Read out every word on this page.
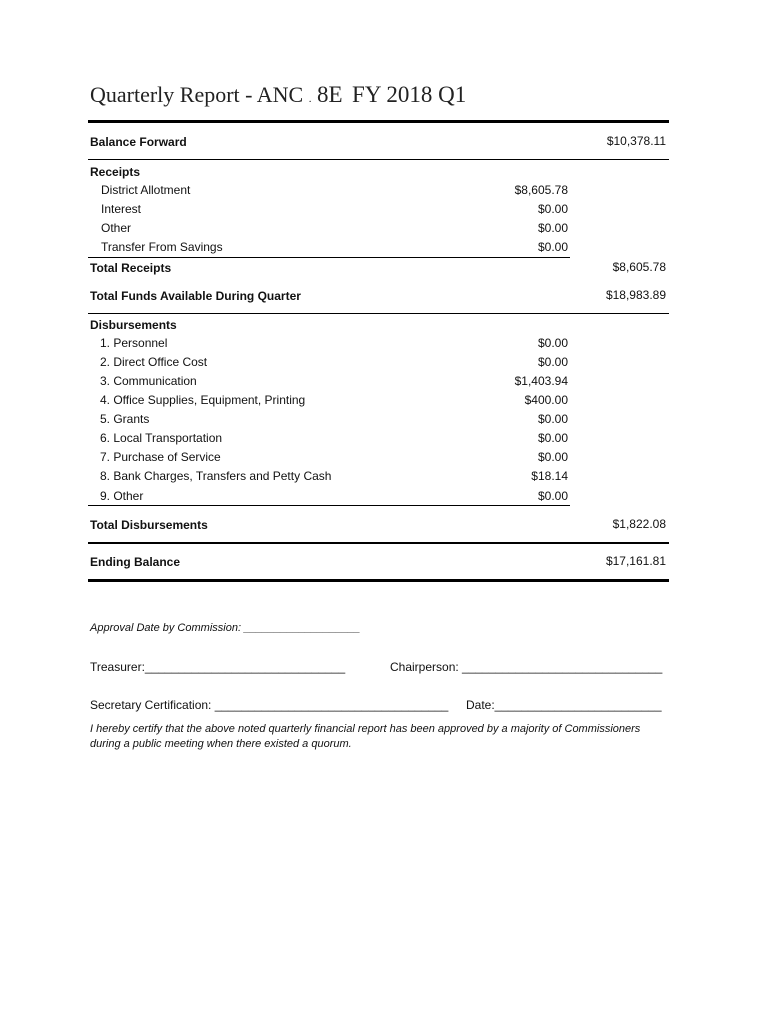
Quarterly Report - ANC . 8E FY 2018 Q1
Balance Forward	$10,378.11
Receipts
District Allotment	$8,605.78
Interest	$0.00
Other	$0.00
Transfer From Savings	$0.00
Total Receipts	$8,605.78
Total Funds Available During Quarter	$18,983.89
Disbursements
1. Personnel	$0.00
2. Direct Office Cost	$0.00
3. Communication	$1,403.94
4. Office Supplies, Equipment, Printing	$400.00
5. Grants	$0.00
6. Local Transportation	$0.00
7. Purchase of Service	$0.00
8. Bank Charges, Transfers and Petty Cash	$18.14
9. Other	$0.00
Total Disbursements	$1,822.08
Ending Balance	$17,161.81
Approval Date by Commission: ___________________
Treasurer:______________________________	Chairperson: ______________________________
Secretary Certification: ___________________________________ Date:_________________________
I hereby certify that the above noted quarterly financial report has been approved by a majority of Commissioners
during a public meeting when there existed a quorum.
